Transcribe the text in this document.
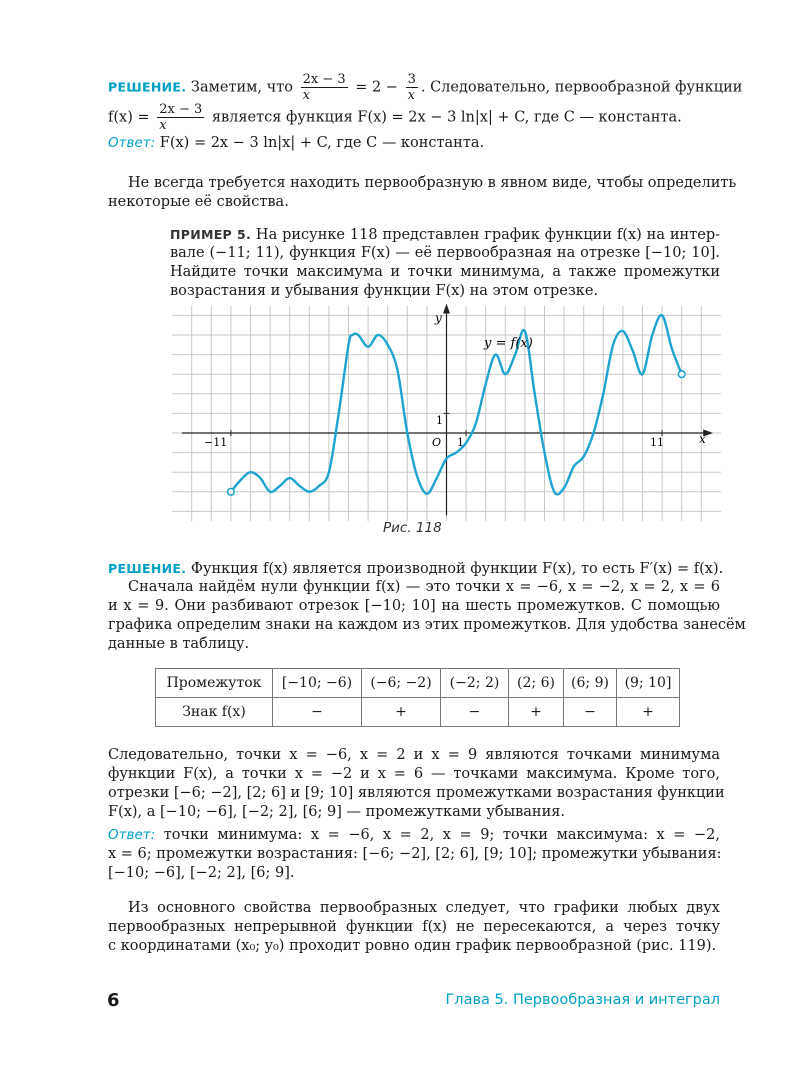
РЕШЕНИЕ. Заметим, что $\frac{2x - 3}{x} = 2 - \frac{3}{x}$ . Следовательно, первообразной функции
$f(x) = \frac{2x - 3}{x}$ является функция F(x) = 2x − 3 ln|x| + C, где C — константа.
Ответ: F(x) = 2x − 3 ln|x| + C, где C — константа.
Не всегда требуется находить первообразную в явном виде, чтобы определить
некоторые её свойства.
ПРИМЕР 5. На рисунке 118 представлен график функции f(x) на интер-
вале (−11; 11), функция F(x) — её первообразная на отрезке [−10; 10].
Найдите точки максимума и точки минимума, а также промежутки
возрастания и убывания функции F(x) на этом отрезке.
y = f(x)
y
x
O
−11	1	11
1
Рис. 118
РЕШЕНИЕ. Функция f(x) является производной функции F(x), то есть F′(x) = f(x).
Сначала найдём нули функции f(x) — это точки x = −6, x = −2, x = 2, x = 6
и x = 9. Они разбивают отрезок [−10; 10] на шесть промежутков. С помощью
графика определим знаки на каждом из этих промежутков. Для удобства занесём
данные в таблицу.
Промежуток	[−10; −6)	(−6; −2)	(−2; 2)	(2; 6)	(6; 9)	(9; 10]
Знак f(x)	−	+	−	+	−	+
Следовательно, точки x = −6, x = 2 и x = 9 являются точками минимума
функции F(x), а точки x = −2 и x = 6 — точками максимума. Кроме того,
отрезки [−6; −2], [2; 6] и [9; 10] являются промежутками возрастания функции
F(x), а [−10; −6], [−2; 2], [6; 9] — промежутками убывания.
Ответ: точки минимума: x = −6, x = 2, x = 9; точки максимума: x = −2,
x = 6; промежутки возрастания: [−6; −2], [2; 6], [9; 10]; промежутки убывания:
[−10; −6], [−2; 2], [6; 9].
Из основного свойства первообразных следует, что графики любых двух
первообразных непрерывной функции f(x) не пересекаются, а через точку
с координатами (x₀; y₀) проходит ровно один график первообразной (рис. 119).
6	Глава 5. Первообразная и интеграл
